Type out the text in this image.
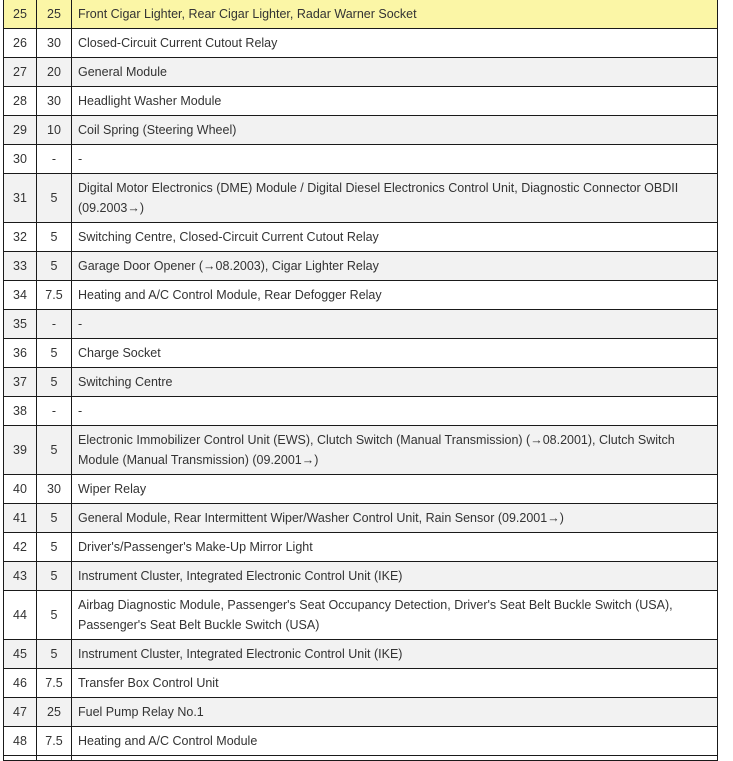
25	25	Front Cigar Lighter, Rear Cigar Lighter, Radar Warner Socket
26	30	Closed-Circuit Current Cutout Relay
27	20	General Module
28	30	Headlight Washer Module
29	10	Coil Spring (Steering Wheel)
30	-	-
31	5	Digital Motor Electronics (DME) Module / Digital Diesel Electronics Control Unit, Diagnostic Connector OBDII (09.2003→)
32	5	Switching Centre, Closed-Circuit Current Cutout Relay
33	5	Garage Door Opener (→08.2003), Cigar Lighter Relay
34	7.5	Heating and A/C Control Module, Rear Defogger Relay
35	-	-
36	5	Charge Socket
37	5	Switching Centre
38	-	-
39	5	Electronic Immobilizer Control Unit (EWS), Clutch Switch (Manual Transmission) (→08.2001), Clutch Switch Module (Manual Transmission) (09.2001→)
40	30	Wiper Relay
41	5	General Module, Rear Intermittent Wiper/Washer Control Unit, Rain Sensor (09.2001→)
42	5	Driver's/Passenger's Make-Up Mirror Light
43	5	Instrument Cluster, Integrated Electronic Control Unit (IKE)
44	5	Airbag Diagnostic Module, Passenger's Seat Occupancy Detection, Driver's Seat Belt Buckle Switch (USA), Passenger's Seat Belt Buckle Switch (USA)
45	5	Instrument Cluster, Integrated Electronic Control Unit (IKE)
46	7.5	Transfer Box Control Unit
47	25	Fuel Pump Relay No.1
48	7.5	Heating and A/C Control Module
